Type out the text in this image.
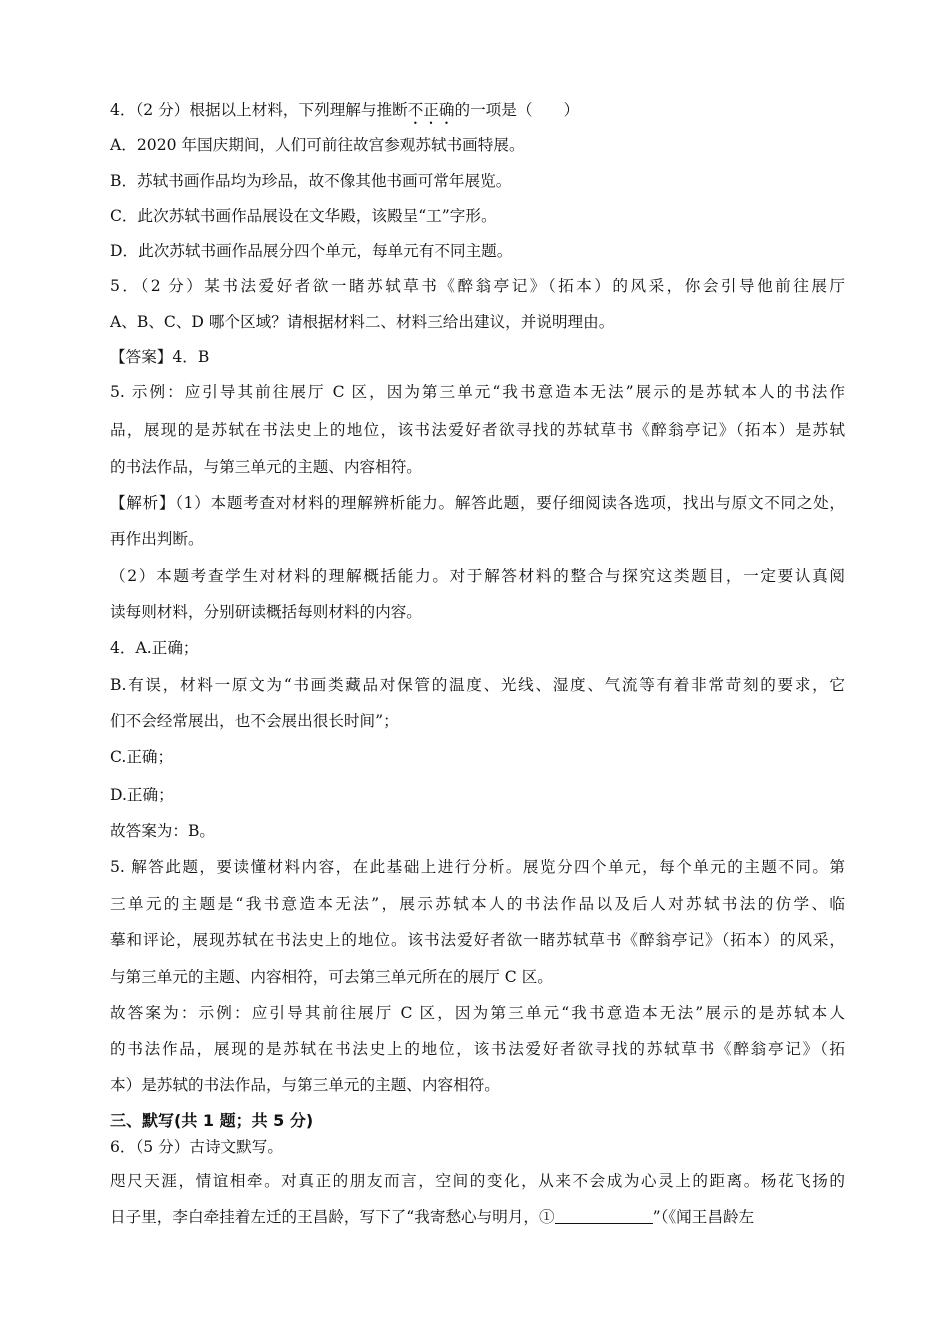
4．（2 分）根据以上材料，下列理解与推断不正确的一项是（　　）
A．2020 年国庆期间，人们可前往故宫参观苏轼书画特展。
B．苏轼书画作品均为珍品，故不像其他书画可常年展览。
C．此次苏轼书画作品展设在文华殿，该殿呈“工”字形。
D．此次苏轼书画作品展分四个单元，每单元有不同主题。
5．（2 分）某书法爱好者欲一睹苏轼草书《醉翁亭记》（拓本）的风采，你会引导他前往展厅
A、B、C、D 哪个区域？请根据材料二、材料三给出建议，并说明理由。
【答案】4．B
5. 示例：应引导其前往展厅 C 区，因为第三单元“我书意造本无法”展示的是苏轼本人的书法作
品，展现的是苏轼在书法史上的地位，该书法爱好者欲寻找的苏轼草书《醉翁亭记》（拓本）是苏轼
的书法作品，与第三单元的主题、内容相符。
【解析】（1）本题考查对材料的理解辨析能力。解答此题，要仔细阅读各选项，找出与原文不同之处，
再作出判断。
（2）本题考查学生对材料的理解概括能力。对于解答材料的整合与探究这类题目，一定要认真阅
读每则材料，分别研读概括每则材料的内容。
4．A.正确；
B.有误，材料一原文为“书画类藏品对保管的温度、光线、湿度、气流等有着非常苛刻的要求，它
们不会经常展出，也不会展出很长时间”；
C.正确；
D.正确；
故答案为：B。
5. 解答此题，要读懂材料内容，在此基础上进行分析。展览分四个单元，每个单元的主题不同。第
三单元的主题是“我书意造本无法”，展示苏轼本人的书法作品以及后人对苏轼书法的仿学、临
摹和评论，展现苏轼在书法史上的地位。该书法爱好者欲一睹苏轼草书《醉翁亭记》（拓本）的风采，
与第三单元的主题、内容相符，可去第三单元所在的展厅 C 区。
故答案为：示例：应引导其前往展厅 C 区，因为第三单元“我书意造本无法”展示的是苏轼本人
的书法作品，展现的是苏轼在书法史上的地位，该书法爱好者欲寻找的苏轼草书《醉翁亭记》（拓
本）是苏轼的书法作品，与第三单元的主题、内容相符。
三、默写(共 1 题；共 5 分)
6．（5 分）古诗文默写。
咫尺天涯，情谊相牵。对真正的朋友而言，空间的变化，从来不会成为心灵上的距离。杨花飞扬的
日子里，李白牵挂着左迁的王昌龄，写下了“我寄愁心与明月，①	”（《闻王昌龄左
